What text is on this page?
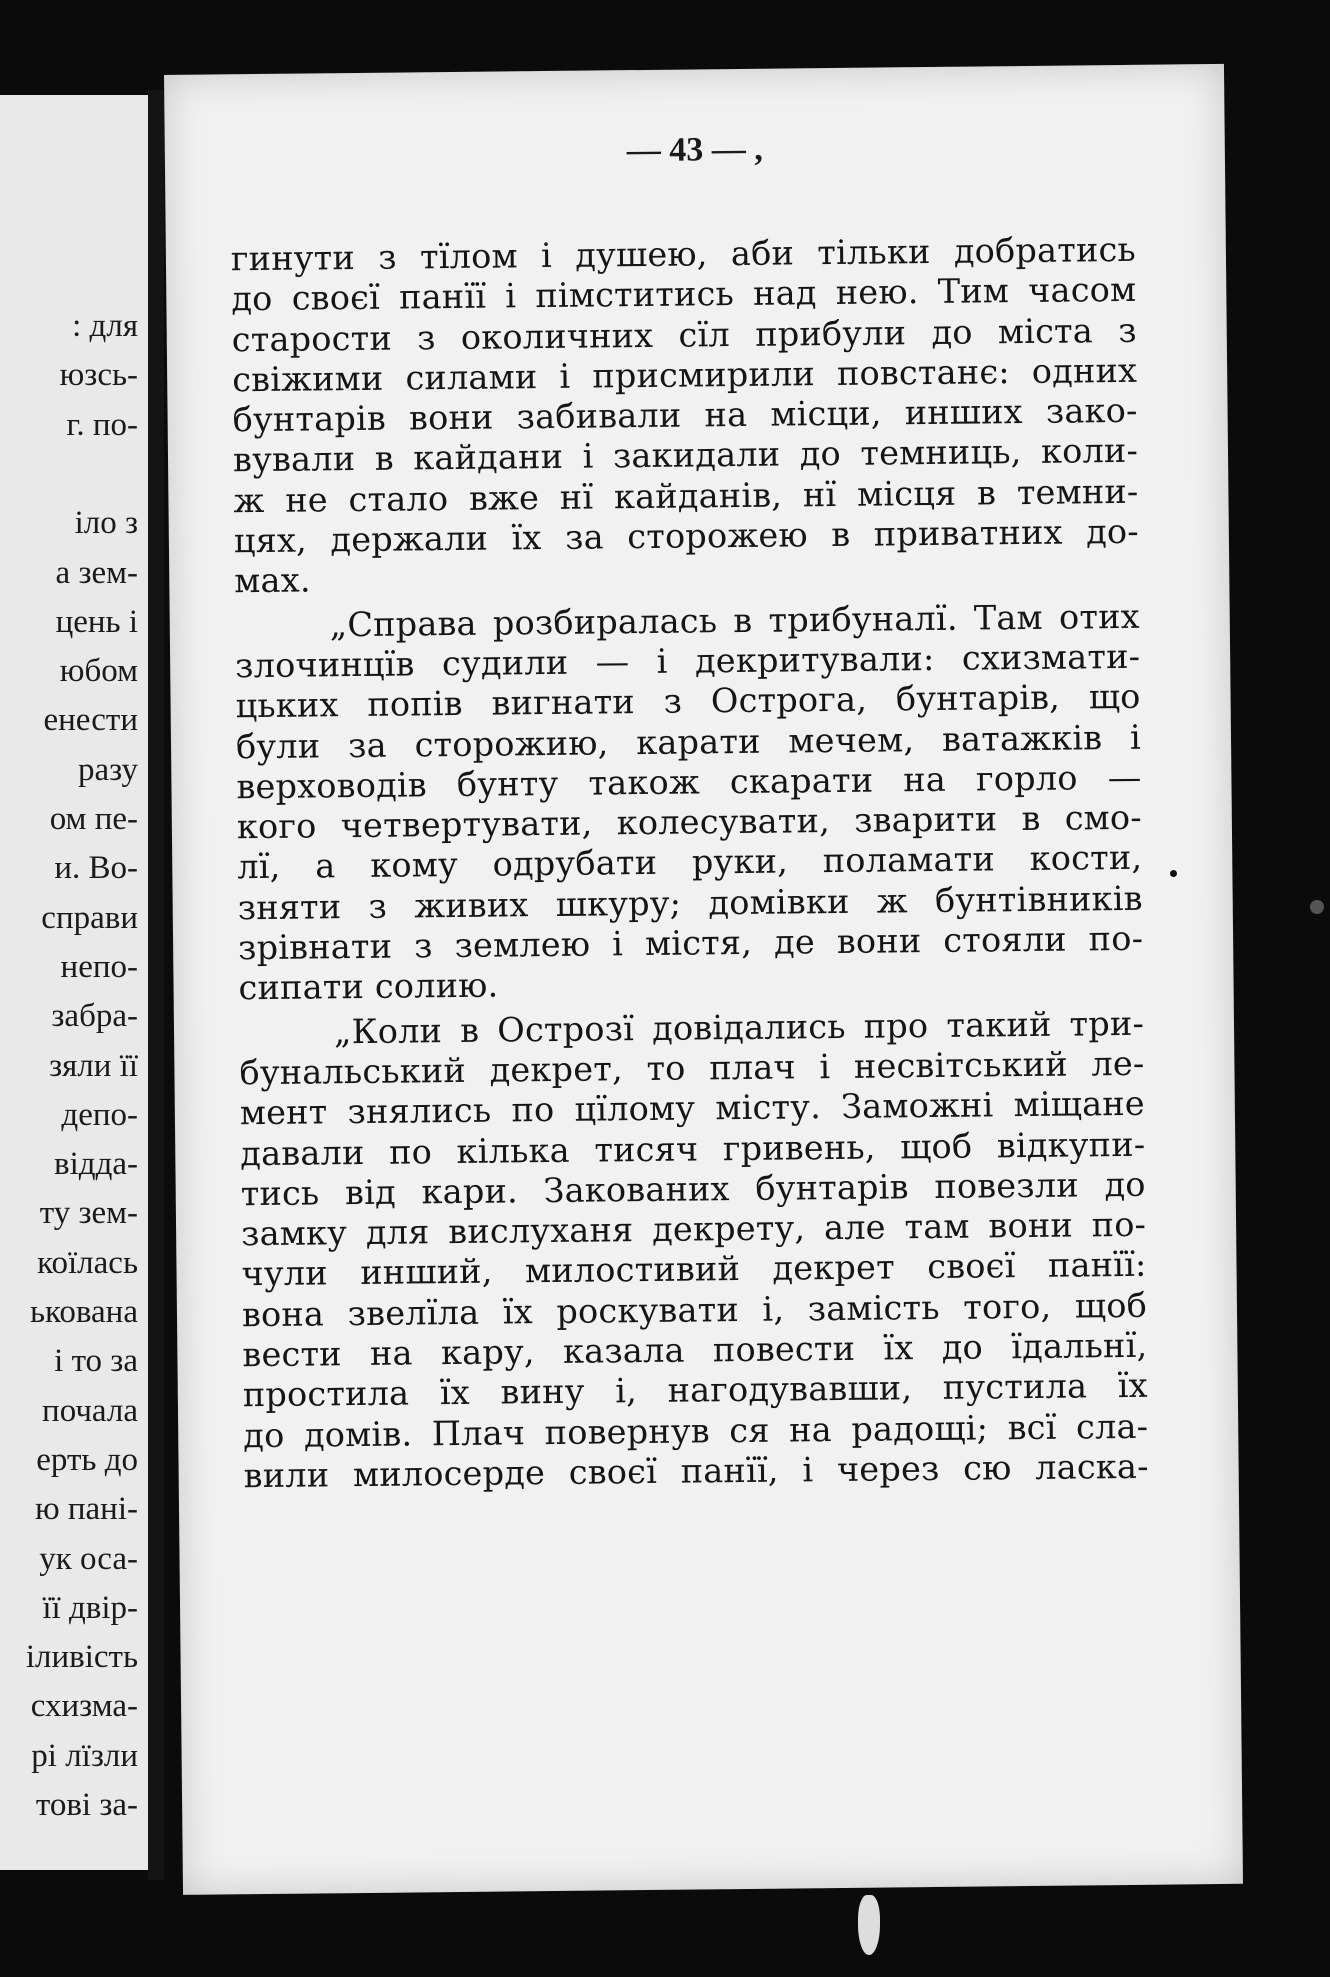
: для
юзсь-
г. по-
іло з
а зем-
цень і
юбом
енести
разу
ом пе-
и. Во-
справи
непо-
забра-
зяли її
депо-
відда-
ту зем-
коїлась
ькована
і то за
почала
ерть до
ю пані-
ук оса-
її двір-
іливість
схизма-
рі лїзли
тові за-
— 43 — ,
гинути з тїлом і душею, аби тільки добратись
до своєї панїї і пімститись над нею. Тим часом
старости з околичних сїл прибули до міста з
свіжими силами і присмирили повстанє: одних
бунтарів вони забивали на місци, инших зако-
вували в кайдани і закидали до темниць, коли-
ж не стало вже нї кайданів, нї місця в темни-
цях, держали їх за сторожею в приватних до-
мах.
„Справа розбиралась в трибуналї. Там отих
злочинцїв судили — і декритували: схизмати-
цьких попів вигнати з Острога, бунтарів, що
були за сторожию, карати мечем, ватажків і
верховодів бунту також скарати на горло —
кого четвертувати, колесувати, зварити в смо-
лї, а кому одрубати руки, поламати кости,
зняти з живих шкуру; домівки ж бунтівників
зрівнати з землею і містя, де вони стояли по-
сипати солию.
„Коли в Острозї довідались про такий три-
бунальський декрет, то плач і несвітський ле-
мент знялись по цїлому місту. Заможні міщане
давали по кілька тисяч гривень, щоб відкупи-
тись від кари. Закованих бунтарів повезли до
замку для вислуханя декрету, але там вони по-
чули инший, милостивий декрет своєї панїї:
вона звелїла їх роскувати і, замість того, щоб
вести на кару, казала повести їх до їдальнї,
простила їх вину і, нагодувавши, пустила їх
до домів. Плач повернув ся на радощі; всї сла-
вили милосерде своєї панїї, і через сю ласка-
